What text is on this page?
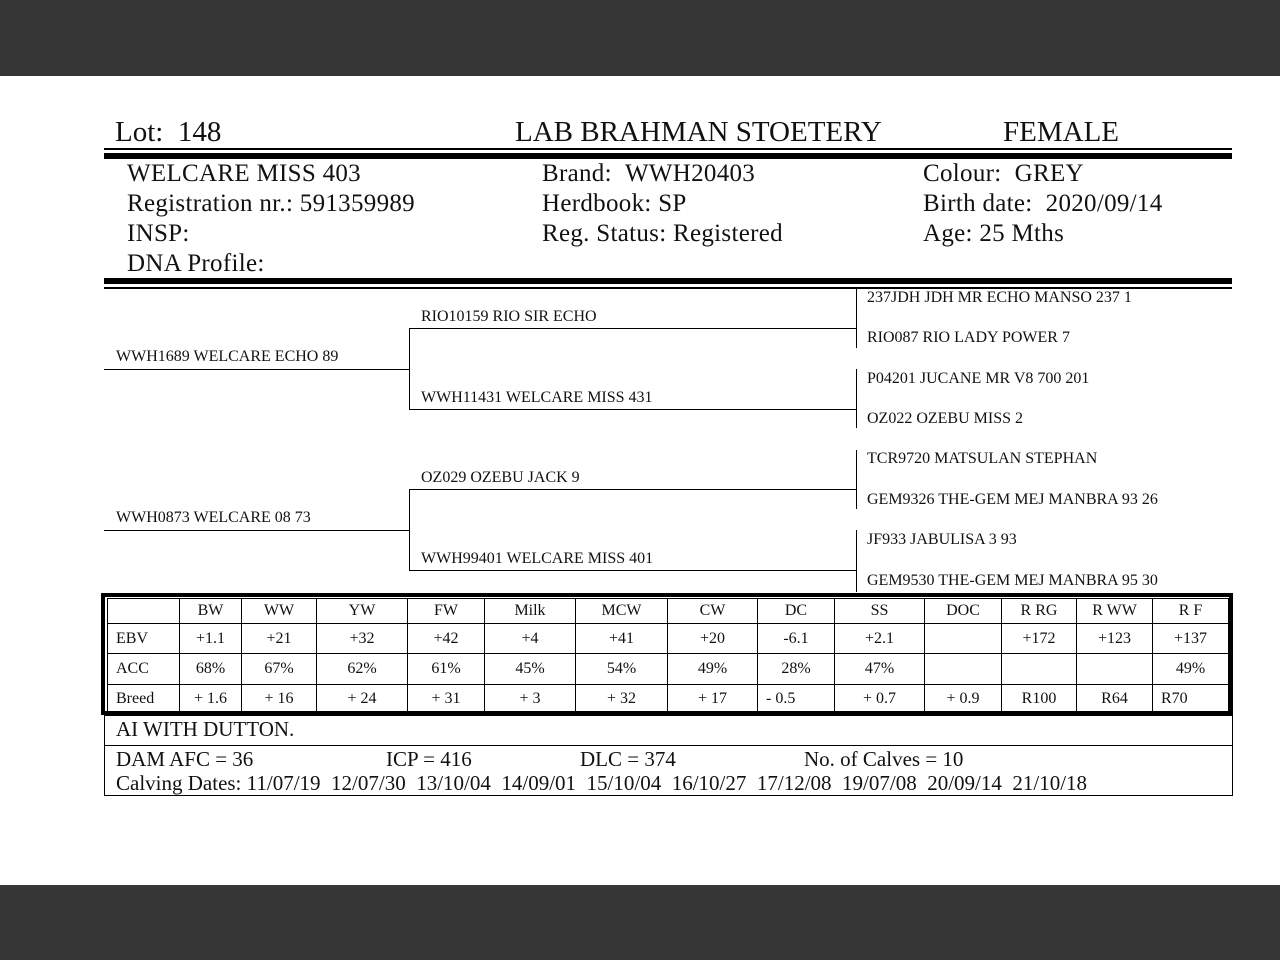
Lot: 148	LAB BRAHMAN STOETERY	FEMALE
WELCARE MISS 403
Registration nr.: 591359989
INSP:
DNA Profile:
Brand: WWH20403
Herdbook: SP
Reg. Status: Registered
Colour: GREY
Birth date: 2020/09/14
Age: 25 Mths
WWH1689 WELCARE ECHO 89
WWH0873 WELCARE 08 73
RIO10159 RIO SIR ECHO
WWH11431 WELCARE MISS 431
OZ029 OZEBU JACK 9
WWH99401 WELCARE MISS 401
237JDH JDH MR ECHO MANSO 237 1
RIO087 RIO LADY POWER 7
P04201 JUCANE MR V8 700 201
OZ022 OZEBU MISS 2
TCR9720 MATSULAN STEPHAN
GEM9326 THE-GEM MEJ MANBRA 93 26
JF933 JABULISA 3 93
GEM9530 THE-GEM MEJ MANBRA 95 30
	BW	WW	YW	FW	Milk	MCW	CW	DC	SS	DOC	R RG	R WW	R F
EBV	+1.1	+21	+32	+42	+4	+41	+20	-6.1	+2.1		+172	+123	+137
ACC	68%	67%	62%	61%	45%	54%	49%	28%	47%				49%
Breed	+ 1.6	+ 16	+ 24	+ 31	+ 3	+ 32	+ 17	- 0.5	+ 0.7	+ 0.9	R100	R64	R70
AI WITH DUTTON.
DAM AFC = 36	ICP = 416	DLC = 374	No. of Calves = 10
Calving Dates: 11/07/19  12/07/30  13/10/04  14/09/01  15/10/04  16/10/27  17/12/08  19/07/08  20/09/14  21/10/18
